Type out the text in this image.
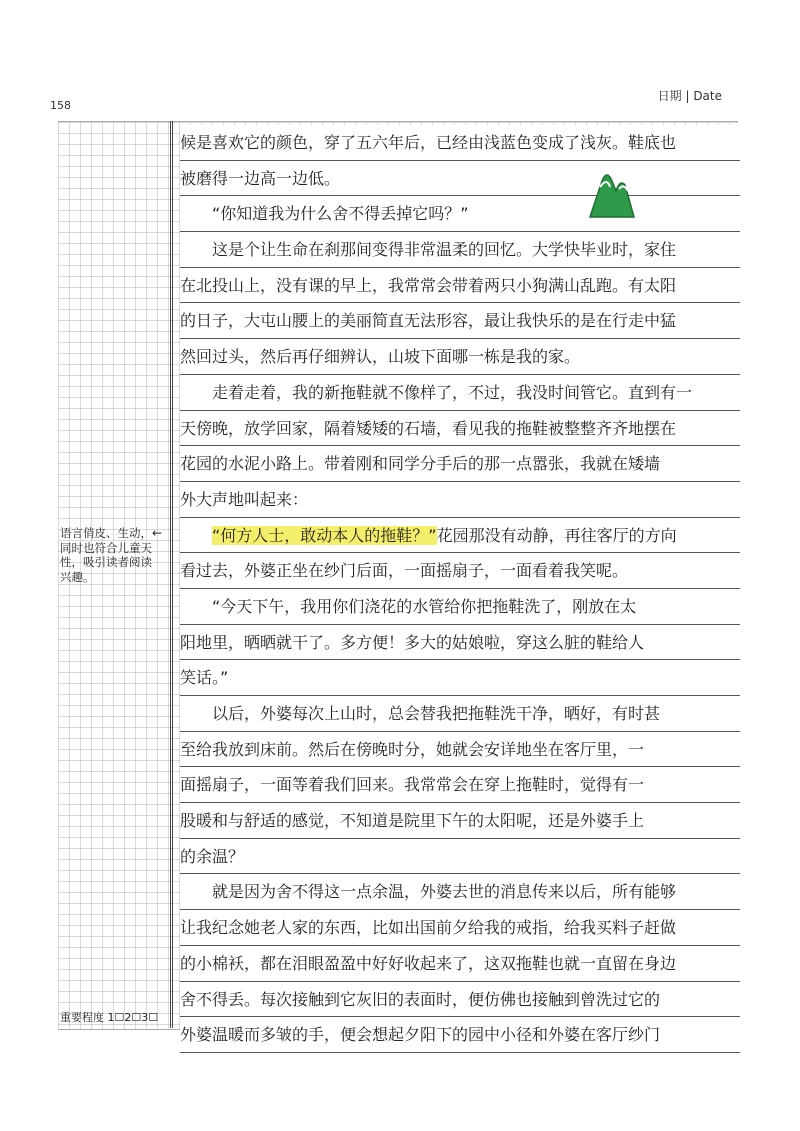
158
日期 | Date
候是喜欢它的颜色，穿了五六年后，已经由浅蓝色变成了浅灰。鞋底也
被磨得一边高一边低。
　　“你知道我为什么舍不得丢掉它吗？”
　　这是个让生命在刹那间变得非常温柔的回忆。大学快毕业时，家住
在北投山上，没有课的早上，我常常会带着两只小狗满山乱跑。有太阳
的日子，大屯山腰上的美丽简直无法形容，最让我快乐的是在行走中猛
然回过头，然后再仔细辨认，山坡下面哪一栋是我的家。
　　走着走着，我的新拖鞋就不像样了，不过，我没时间管它。直到有一
天傍晚，放学回家，隔着矮矮的石墙，看见我的拖鞋被整整齐齐地摆在
花园的水泥小路上。带着刚和同学分手后的那一点嚣张，我就在矮墙
外大声地叫起来：
　　“何方人士，敢动本人的拖鞋？”花园那没有动静，再往客厅的方向
看过去，外婆正坐在纱门后面，一面摇扇子，一面看着我笑呢。
　　“今天下午，我用你们浇花的水管给你把拖鞋洗了，刚放在太
阳地里，晒晒就干了。多方便！多大的姑娘啦，穿这么脏的鞋给人
笑话。”
　　以后，外婆每次上山时，总会替我把拖鞋洗干净，晒好，有时甚
至给我放到床前。然后在傍晚时分，她就会安详地坐在客厅里，一
面摇扇子，一面等着我们回来。我常常会在穿上拖鞋时，觉得有一
股暖和与舒适的感觉，不知道是院里下午的太阳呢，还是外婆手上
的余温？
　　就是因为舍不得这一点余温，外婆去世的消息传来以后，所有能够
让我纪念她老人家的东西，比如出国前夕给我的戒指，给我买料子赶做
的小棉袄，都在泪眼盈盈中好好收起来了，这双拖鞋也就一直留在身边
舍不得丢。每次接触到它灰旧的表面时，便仿佛也接触到曾洗过它的
外婆温暖而多皱的手，便会想起夕阳下的园中小径和外婆在客厅纱门
语言俏皮、生动，同时也符合儿童天性，吸引读者阅读兴趣。
←
重要程度 1☐2☐3☐
